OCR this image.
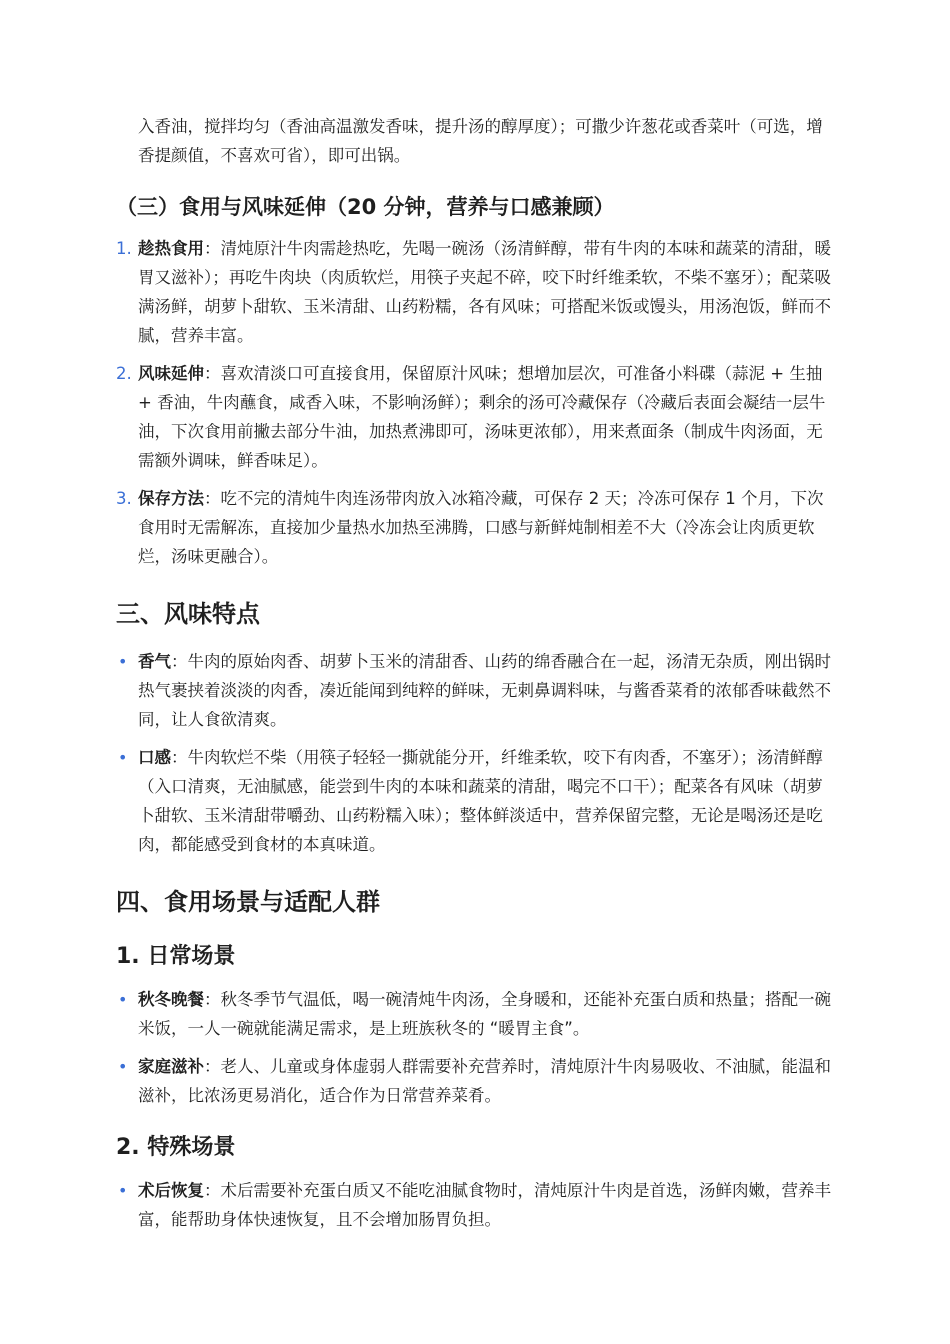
入香油，搅拌均匀（香油高温激发香味，提升汤的醇厚度）；可撒少许葱花或香菜叶（可选，增香提颜值，不喜欢可省），即可出锅。

（三）食用与风味延伸（20 分钟，营养与口感兼顾）
1. 趁热食用：清炖原汁牛肉需趁热吃，先喝一碗汤（汤清鲜醇，带有牛肉的本味和蔬菜的清甜，暖胃又滋补）；再吃牛肉块（肉质软烂，用筷子夹起不碎，咬下时纤维柔软，不柴不塞牙）；配菜吸满汤鲜，胡萝卜甜软、玉米清甜、山药粉糯，各有风味；可搭配米饭或馒头，用汤泡饭，鲜而不腻，营养丰富。
2. 风味延伸：喜欢清淡口可直接食用，保留原汁风味；想增加层次，可准备小料碟（蒜泥 + 生抽 + 香油，牛肉蘸食，咸香入味，不影响汤鲜）；剩余的汤可冷藏保存（冷藏后表面会凝结一层牛油，下次食用前撇去部分牛油，加热煮沸即可，汤味更浓郁），用来煮面条（制成牛肉汤面，无需额外调味，鲜香味足）。
3. 保存方法：吃不完的清炖牛肉连汤带肉放入冰箱冷藏，可保存 2 天；冷冻可保存 1 个月，下次食用时无需解冻，直接加少量热水加热至沸腾，口感与新鲜炖制相差不大（冷冻会让肉质更软烂，汤味更融合）。
三、风味特点
• 香气：牛肉的原始肉香、胡萝卜玉米的清甜香、山药的绵香融合在一起，汤清无杂质，刚出锅时热气裹挟着淡淡的肉香，凑近能闻到纯粹的鲜味，无刺鼻调料味，与酱香菜肴的浓郁香味截然不同，让人食欲清爽。
• 口感：牛肉软烂不柴（用筷子轻轻一撕就能分开，纤维柔软，咬下有肉香，不塞牙）；汤清鲜醇（入口清爽，无油腻感，能尝到牛肉的本味和蔬菜的清甜，喝完不口干）；配菜各有风味（胡萝卜甜软、玉米清甜带嚼劲、山药粉糯入味）；整体鲜淡适中，营养保留完整，无论是喝汤还是吃肉，都能感受到食材的本真味道。
四、食用场景与适配人群
1. 日常场景
• 秋冬晚餐：秋冬季节气温低，喝一碗清炖牛肉汤，全身暖和，还能补充蛋白质和热量；搭配一碗米饭，一人一碗就能满足需求，是上班族秋冬的 “暖胃主食”。
• 家庭滋补：老人、儿童或身体虚弱人群需要补充营养时，清炖原汁牛肉易吸收、不油腻，能温和滋补，比浓汤更易消化，适合作为日常营养菜肴。
2. 特殊场景
• 术后恢复：术后需要补充蛋白质又不能吃油腻食物时，清炖原汁牛肉是首选，汤鲜肉嫩，营养丰富，能帮助身体快速恢复，且不会增加肠胃负担。
